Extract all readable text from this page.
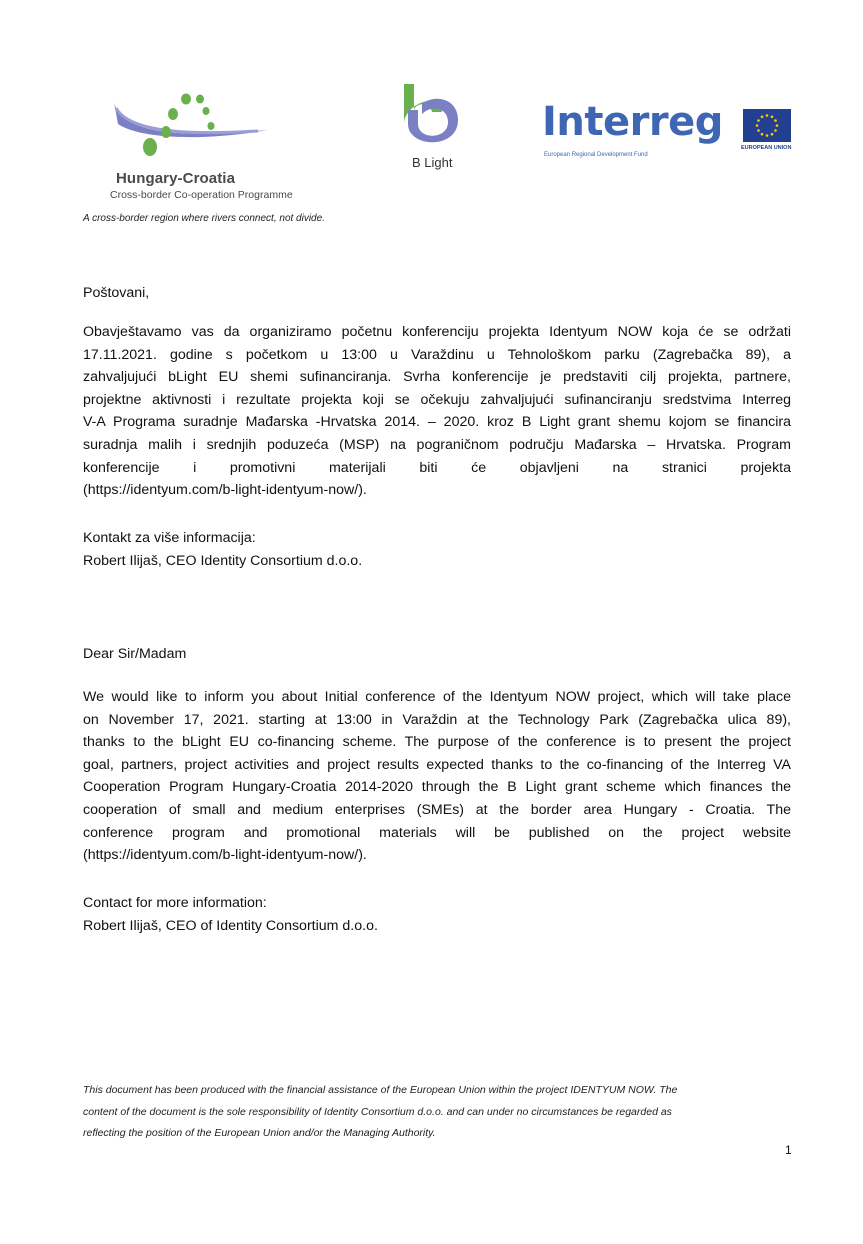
Hungary-Croatia
Cross-border Co-operation Programme
A cross-border region where rivers connect, not divide.
B Light
Interreg
European Regional Development Fund
EUROPEAN UNION
Poštovani,
Obavještavamo vas da organiziramo početnu konferenciju projekta Identyum NOW koja će se održati
17.11.2021. godine s početkom u 13:00 u Varaždinu u Tehnološkom parku (Zagrebačka 89), a
zahvaljujući bLight EU shemi sufinanciranja. Svrha konferencije je predstaviti cilj projekta, partnere,
projektne aktivnosti i rezultate projekta koji se očekuju zahvaljujući sufinanciranju sredstvima Interreg
V-A Programa suradnje Mađarska -Hrvatska 2014. – 2020. kroz B Light grant shemu kojom se financira
suradnja malih i srednjih poduzeća (MSP) na pograničnom području Mađarska – Hrvatska. Program
konferencije i promotivni materijali biti će objavljeni na stranici projekta
(https://identyum.com/b-light-identyum-now/).
Kontakt za više informacija:
Robert Ilijaš, CEO Identity Consortium d.o.o.
Dear Sir/Madam
We would like to inform you about Initial conference of the Identyum NOW project, which will take place
on November 17, 2021. starting at 13:00 in Varaždin at the Technology Park (Zagrebačka ulica 89),
thanks to the bLight EU co-financing scheme. The purpose of the conference is to present the project
goal, partners, project activities and project results expected thanks to the co-financing of the Interreg VA
Cooperation Program Hungary-Croatia 2014-2020 through the B Light grant scheme which finances the
cooperation of small and medium enterprises (SMEs) at the border area Hungary - Croatia. The
conference program and promotional materials will be published on the project website
(https://identyum.com/b-light-identyum-now/).
Contact for more information:
Robert Ilijaš, CEO of Identity Consortium d.o.o.
This document has been produced with the financial assistance of the European Union within the project IDENTYUM NOW. The
content of the document is the sole responsibility of Identity Consortium d.o.o. and can under no circumstances be regarded as
reflecting the position of the European Union and/or the Managing Authority.
1
